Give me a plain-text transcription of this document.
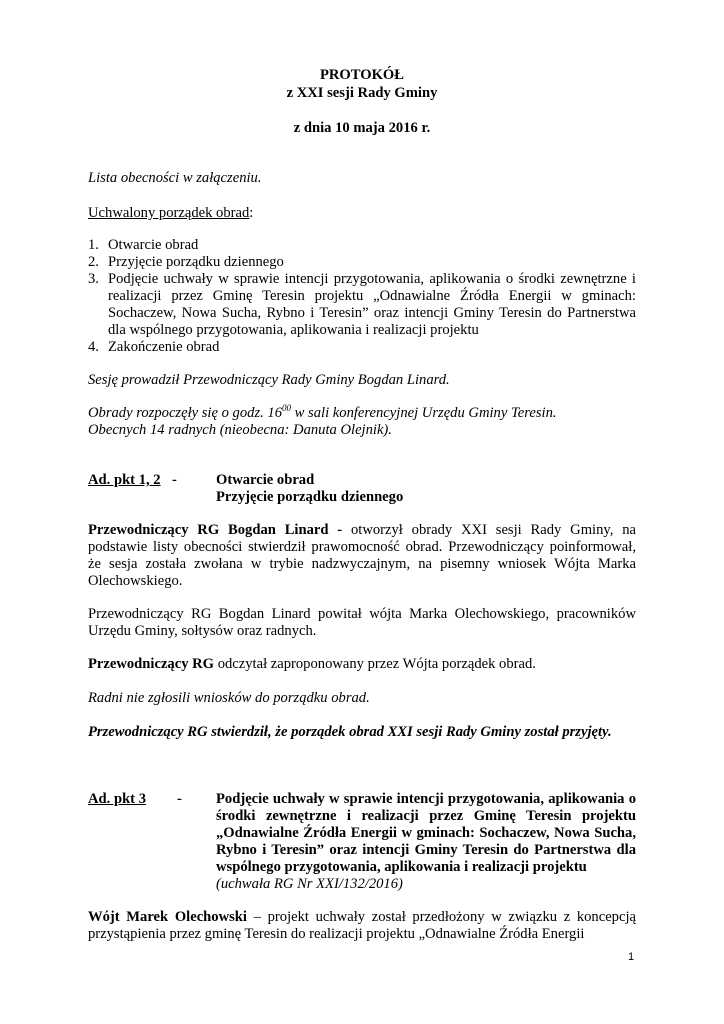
PROTOKÓŁ
z XXI sesji Rady Gminy
z dnia 10 maja 2016 r.
Lista obecności w załączeniu.
Uchwalony porządek obrad:
1. Otwarcie obrad
2. Przyjęcie porządku dziennego
3. Podjęcie uchwały w sprawie intencji przygotowania, aplikowania o środki zewnętrzne i realizacji przez Gminę Teresin projektu „Odnawialne Źródła Energii w gminach: Sochaczew, Nowa Sucha, Rybno i Teresin” oraz intencji Gminy Teresin do Partnerstwa dla wspólnego przygotowania, aplikowania i realizacji projektu
4. Zakończenie obrad
Sesję prowadził Przewodniczący Rady Gminy Bogdan Linard.
Obrady rozpoczęły się o godz. $16^{00}$ w sali konferencyjnej Urzędu Gminy Teresin.
Obecnych 14 radnych (nieobecna: Danuta Olejnik).
Ad. pkt 1, 2 -	Otwarcie obrad
Przyjęcie porządku dziennego
Przewodniczący RG Bogdan Linard - otworzył obrady XXI sesji Rady Gminy, na podstawie listy obecności stwierdził prawomocność obrad. Przewodniczący poinformował, że sesja została zwołana w trybie nadzwyczajnym, na pisemny wniosek Wójta Marka Olechowskiego.
Przewodniczący RG Bogdan Linard powitał wójta Marka Olechowskiego, pracowników Urzędu Gminy, sołtysów oraz radnych.
Przewodniczący RG odczytał zaproponowany przez Wójta porządek obrad.
Radni nie zgłosili wniosków do porządku obrad.
Przewodniczący RG stwierdził, że porządek obrad XXI sesji Rady Gminy został przyjęty.
Ad. pkt 3 - Podjęcie uchwały w sprawie intencji przygotowania, aplikowania o środki zewnętrzne i realizacji przez Gminę Teresin projektu „Odnawialne Źródła Energii w gminach: Sochaczew, Nowa Sucha, Rybno i Teresin” oraz intencji Gminy Teresin do Partnerstwa dla wspólnego przygotowania, aplikowania i realizacji projektu
(uchwała RG Nr XXI/132/2016)
Wójt Marek Olechowski – projekt uchwały został przedłożony w związku z koncepcją przystąpienia przez gminę Teresin do realizacji projektu „Odnawialne Źródła Energii
1
